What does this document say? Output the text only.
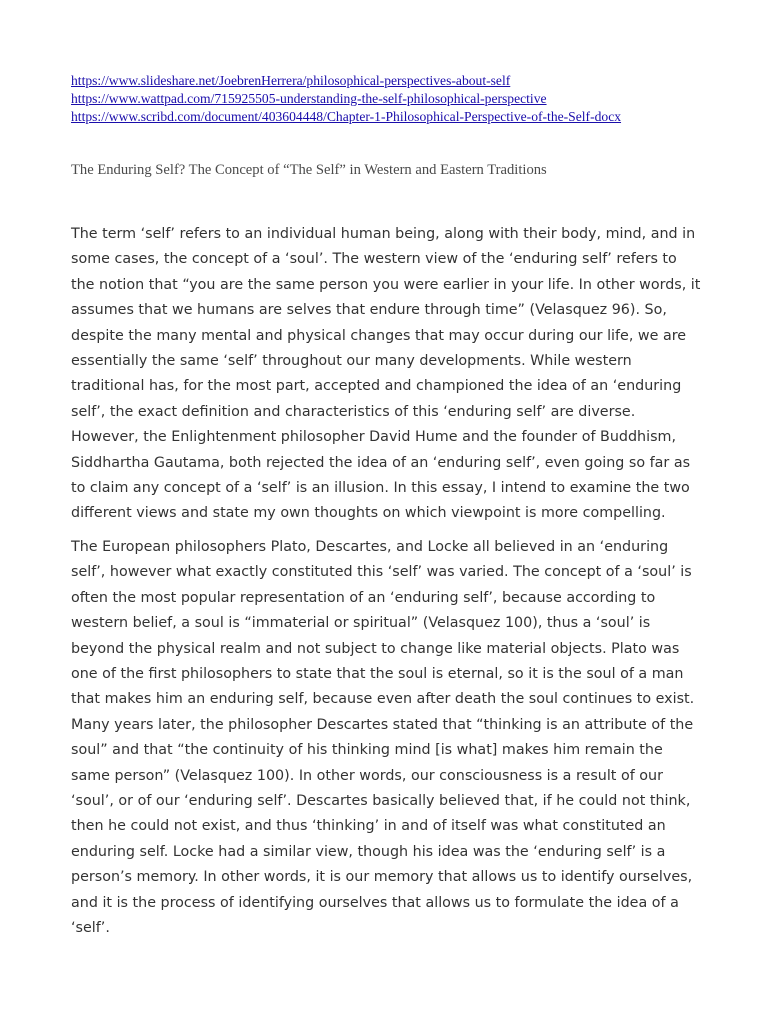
https://www.slideshare.net/JoebrenHerrera/philosophical-perspectives-about-self
https://www.wattpad.com/715925505-understanding-the-self-philosophical-perspective
https://www.scribd.com/document/403604448/Chapter-1-Philosophical-Perspective-of-the-Self-docx
The Enduring Self? The Concept of “The Self” in Western and Eastern Traditions

The term ‘self’ refers to an individual human being, along with their body, mind, and in some cases, the concept of a ‘soul’. The western view of the ‘enduring self’ refers to the notion that “you are the same person you were earlier in your life. In other words, it assumes that we humans are selves that endure through time” (Velasquez 96). So, despite the many mental and physical changes that may occur during our life, we are essentially the same ‘self’ throughout our many developments. While western traditional has, for the most part, accepted and championed the idea of an ‘enduring self’, the exact definition and characteristics of this ‘enduring self’ are diverse. However, the Enlightenment philosopher David Hume and the founder of Buddhism, Siddhartha Gautama, both rejected the idea of an ‘enduring self’, even going so far as to claim any concept of a ‘self’ is an illusion. In this essay, I intend to examine the two different views and state my own thoughts on which viewpoint is more compelling.

The European philosophers Plato, Descartes, and Locke all believed in an ‘enduring self’, however what exactly constituted this ‘self’ was varied. The concept of a ‘soul’ is often the most popular representation of an ‘enduring self’, because according to western belief, a soul is “immaterial or spiritual” (Velasquez 100), thus a ‘soul’ is beyond the physical realm and not subject to change like material objects. Plato was one of the first philosophers to state that the soul is eternal, so it is the soul of a man that makes him an enduring self, because even after death the soul continues to exist. Many years later, the philosopher Descartes stated that “thinking is an attribute of the soul” and that “the continuity of his thinking mind [is what] makes him remain the same person” (Velasquez 100). In other words, our consciousness is a result of our ‘soul’, or of our ‘enduring self’. Descartes basically believed that, if he could not think, then he could not exist, and thus ‘thinking’ in and of itself was what constituted an enduring self. Locke had a similar view, though his idea was the ‘enduring self’ is a person’s memory. In other words, it is our memory that allows us to identify ourselves, and it is the process of identifying ourselves that allows us to formulate the idea of a ‘self’.
